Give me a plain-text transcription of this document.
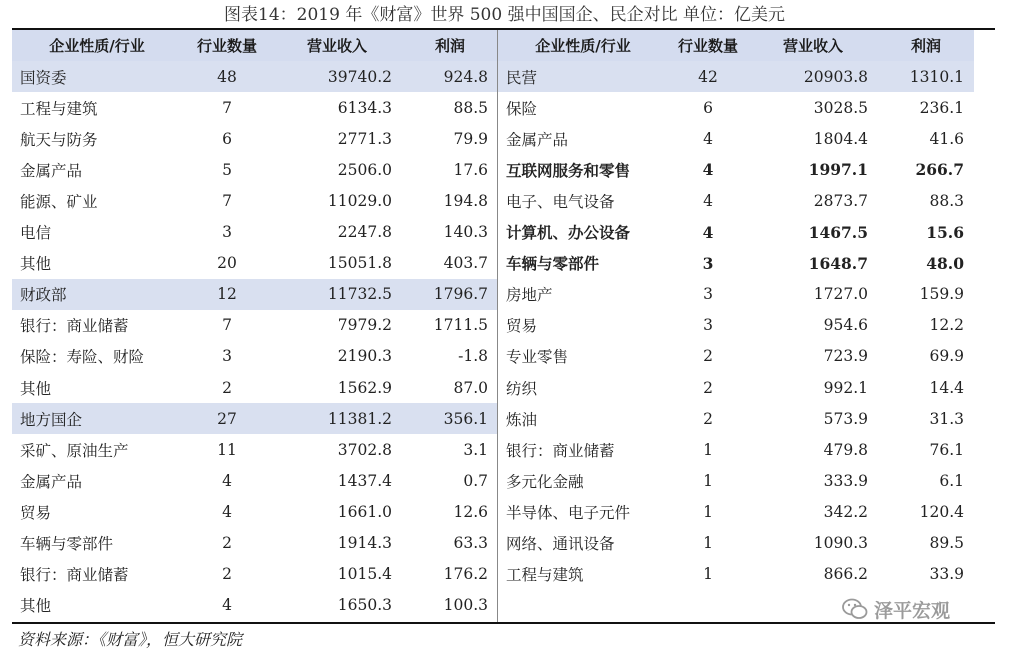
图表14：2019 年《财富》世界 500 强中国国企、民企对比 单位：亿美元
企业性质/行业	行业数量	营业收入	利润
国资委	48	39740.2	924.8
工程与建筑	7	6134.3	88.5
航天与防务	6	2771.3	79.9
金属产品	5	2506.0	17.6
能源、矿业	7	11029.0	194.8
电信	3	2247.8	140.3
其他	20	15051.8	403.7
财政部	12	11732.5	1796.7
银行：商业储蓄	7	7979.2	1711.5
保险：寿险、财险	3	2190.3	-1.8
其他	2	1562.9	87.0
地方国企	27	11381.2	356.1
采矿、原油生产	11	3702.8	3.1
金属产品	4	1437.4	0.7
贸易	4	1661.0	12.6
车辆与零部件	2	1914.3	63.3
银行：商业储蓄	2	1015.4	176.2
其他	4	1650.3	100.3
企业性质/行业	行业数量	营业收入	利润
民营	42	20903.8	1310.1
保险	6	3028.5	236.1
金属产品	4	1804.4	41.6
互联网服务和零售	4	1997.1	266.7
电子、电气设备	4	2873.7	88.3
计算机、办公设备	4	1467.5	15.6
车辆与零部件	3	1648.7	48.0
房地产	3	1727.0	159.9
贸易	3	954.6	12.2
专业零售	2	723.9	69.9
纺织	2	992.1	14.4
炼油	2	573.9	31.3
银行：商业储蓄	1	479.8	76.1
多元化金融	1	333.9	6.1
半导体、电子元件	1	342.2	120.4
网络、通讯设备	1	1090.3	89.5
工程与建筑	1	866.2	33.9

泽平宏观
资料来源：《财富》，恒大研究院
